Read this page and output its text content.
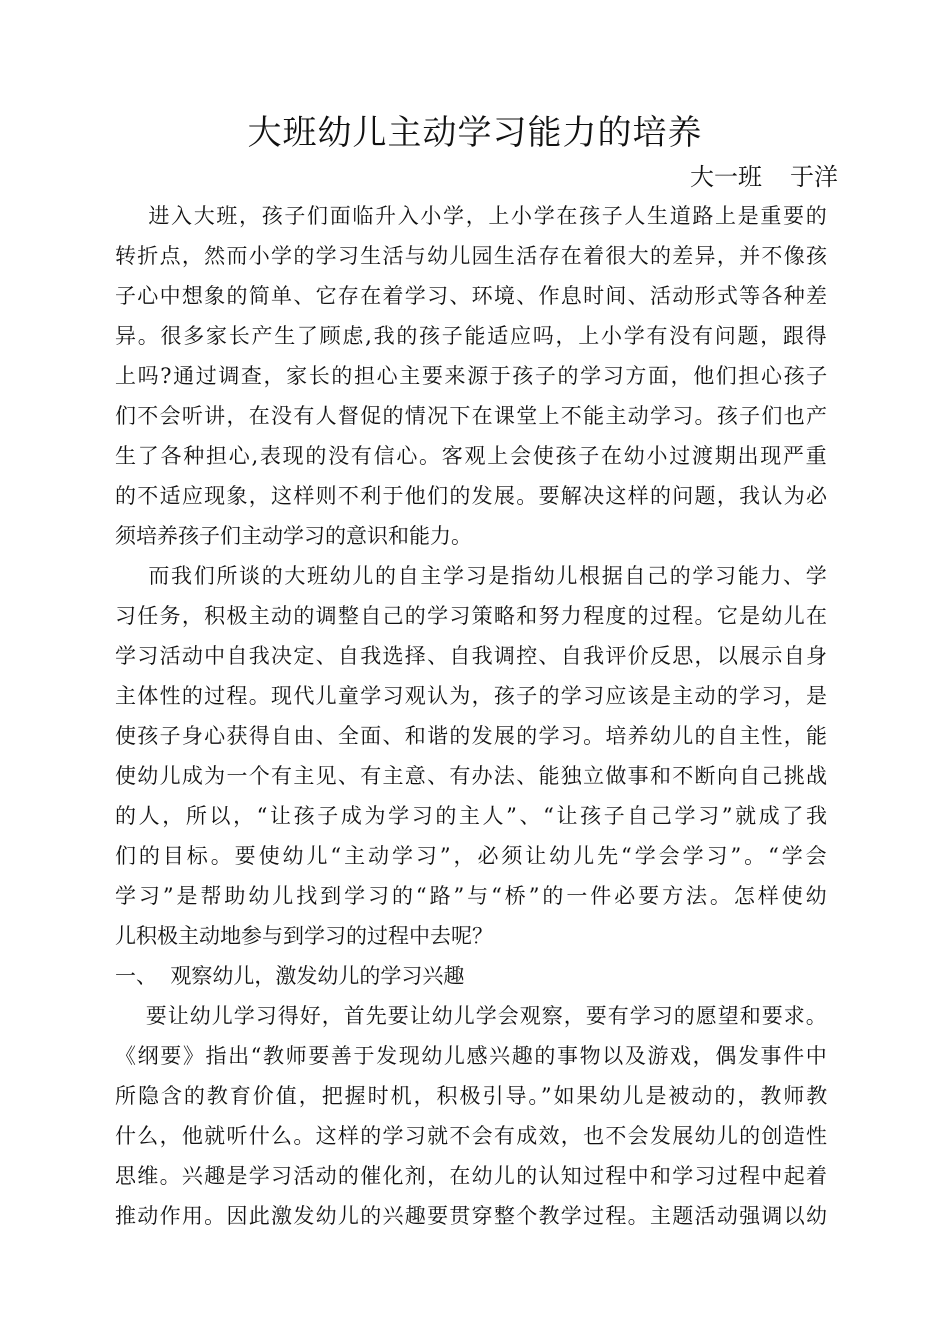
大班幼儿主动学习能力的培养
大一班 于洋
进入大班，孩子们面临升入小学，上小学在孩子人生道路上是重要的
转折点，然而小学的学习生活与幼儿园生活存在着很大的差异，并不像孩
子心中想象的简单、它存在着学习、环境、作息时间、活动形式等各种差
异。很多家长产生了顾虑,我的孩子能适应吗，上小学有没有问题，跟得
上吗?通过调查，家长的担心主要来源于孩子的学习方面，他们担心孩子
们不会听讲，在没有人督促的情况下在课堂上不能主动学习。孩子们也产
生了各种担心,表现的没有信心。客观上会使孩子在幼小过渡期出现严重
的不适应现象，这样则不利于他们的发展。要解决这样的问题，我认为必
须培养孩子们主动学习的意识和能力。
而我们所谈的大班幼儿的自主学习是指幼儿根据自己的学习能力、学
习任务，积极主动的调整自己的学习策略和努力程度的过程。它是幼儿在
学习活动中自我决定、自我选择、自我调控、自我评价反思，以展示自身
主体性的过程。现代儿童学习观认为，孩子的学习应该是主动的学习，是
使孩子身心获得自由、全面、和谐的发展的学习。培养幼儿的自主性，能
使幼儿成为一个有主见、有主意、有办法、能独立做事和不断向自己挑战
的人，所以，“让孩子成为学习的主人”、“让孩子自己学习”就成了我
们的目标。要使幼儿“主动学习”，必须让幼儿先“学会学习”。“学会
学习”是帮助幼儿找到学习的“路”与“桥”的一件必要方法。怎样使幼
儿积极主动地参与到学习的过程中去呢？
一、  观察幼儿，激发幼儿的学习兴趣
要让幼儿学习得好，首先要让幼儿学会观察，要有学习的愿望和要求。
《纲要》指出“教师要善于发现幼儿感兴趣的事物以及游戏，偶发事件中
所隐含的教育价值，把握时机，积极引导。”如果幼儿是被动的，教师教
什么，他就听什么。这样的学习就不会有成效，也不会发展幼儿的创造性
思维。兴趣是学习活动的催化剂，在幼儿的认知过程中和学习过程中起着
推动作用。因此激发幼儿的兴趣要贯穿整个教学过程。主题活动强调以幼
